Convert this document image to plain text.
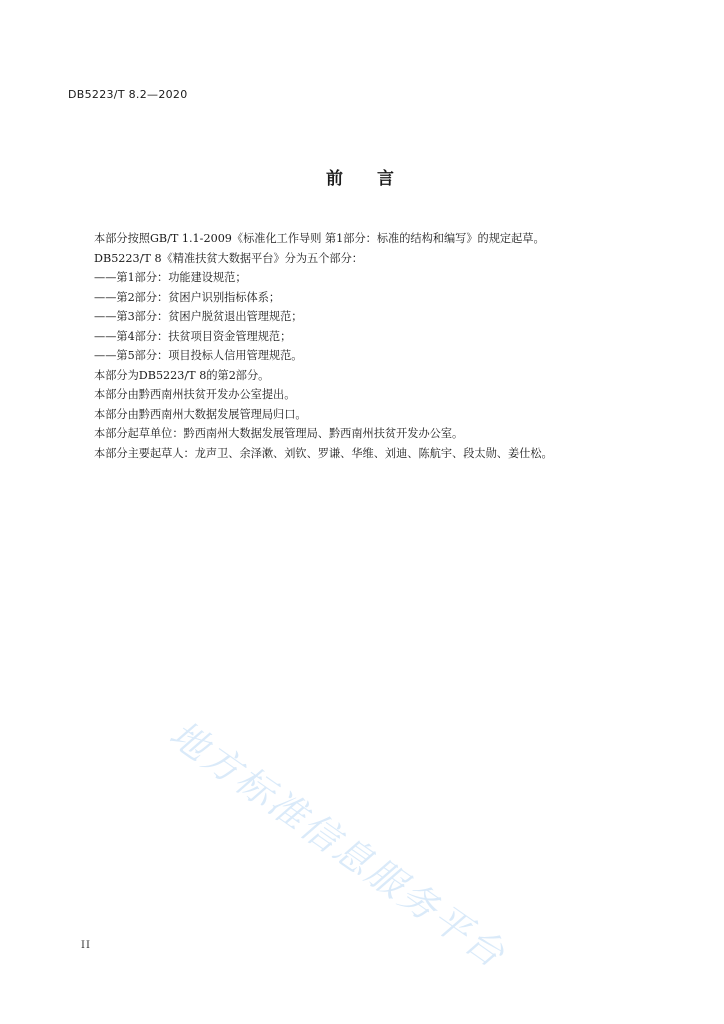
DB5223/T 8.2—2020
前 言
本部分按照GB/T 1.1-2009《标准化工作导则 第1部分：标准的结构和编写》的规定起草。
DB5223/T 8《精准扶贫大数据平台》分为五个部分：
——第1部分：功能建设规范；
——第2部分：贫困户识别指标体系；
——第3部分：贫困户脱贫退出管理规范；
——第4部分：扶贫项目资金管理规范；
——第5部分：项目投标人信用管理规范。
本部分为DB5223/T 8的第2部分。
本部分由黔西南州扶贫开发办公室提出。
本部分由黔西南州大数据发展管理局归口。
本部分起草单位：黔西南州大数据发展管理局、黔西南州扶贫开发办公室。
本部分主要起草人：龙声卫、余泽漱、刘钦、罗谦、华维、刘迪、陈航宇、段太勋、姜仕松。
地方标准信息服务平台
II
